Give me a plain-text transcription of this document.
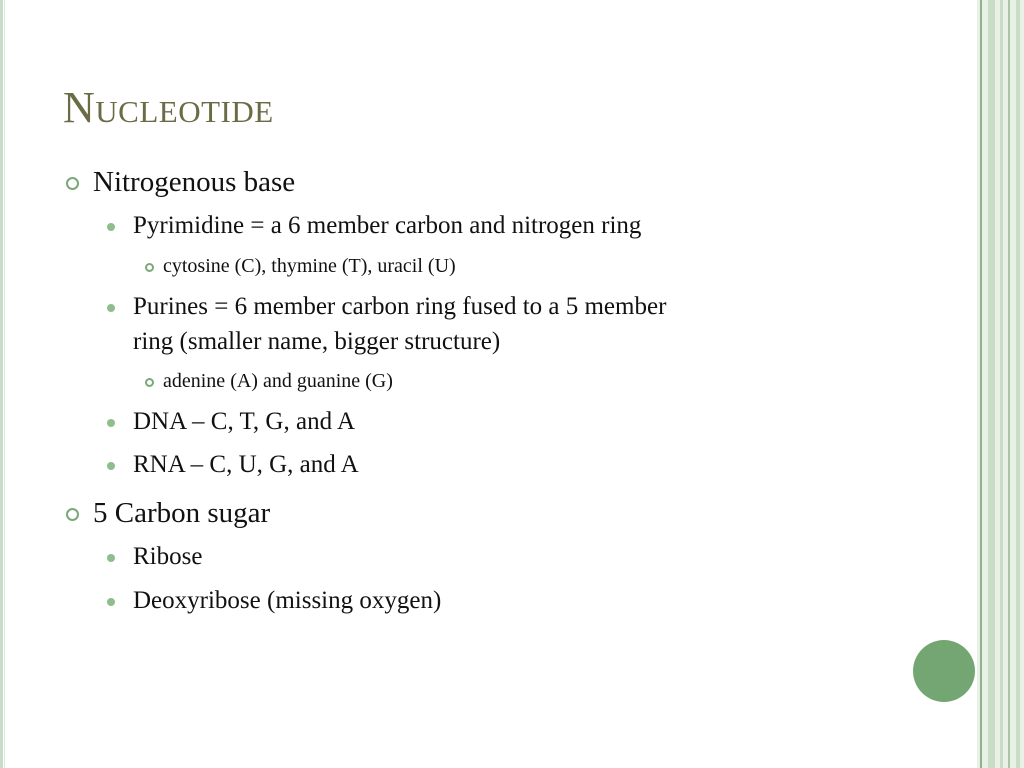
Nucleotide
Nitrogenous base
Pyrimidine = a 6 member carbon and nitrogen ring
cytosine (C), thymine (T), uracil (U)
Purines = 6 member carbon ring fused to a 5 member
ring (smaller name, bigger structure)
adenine (A) and guanine (G)
DNA – C, T, G, and A
RNA – C, U, G, and A
5 Carbon sugar
Ribose
Deoxyribose (missing oxygen)
